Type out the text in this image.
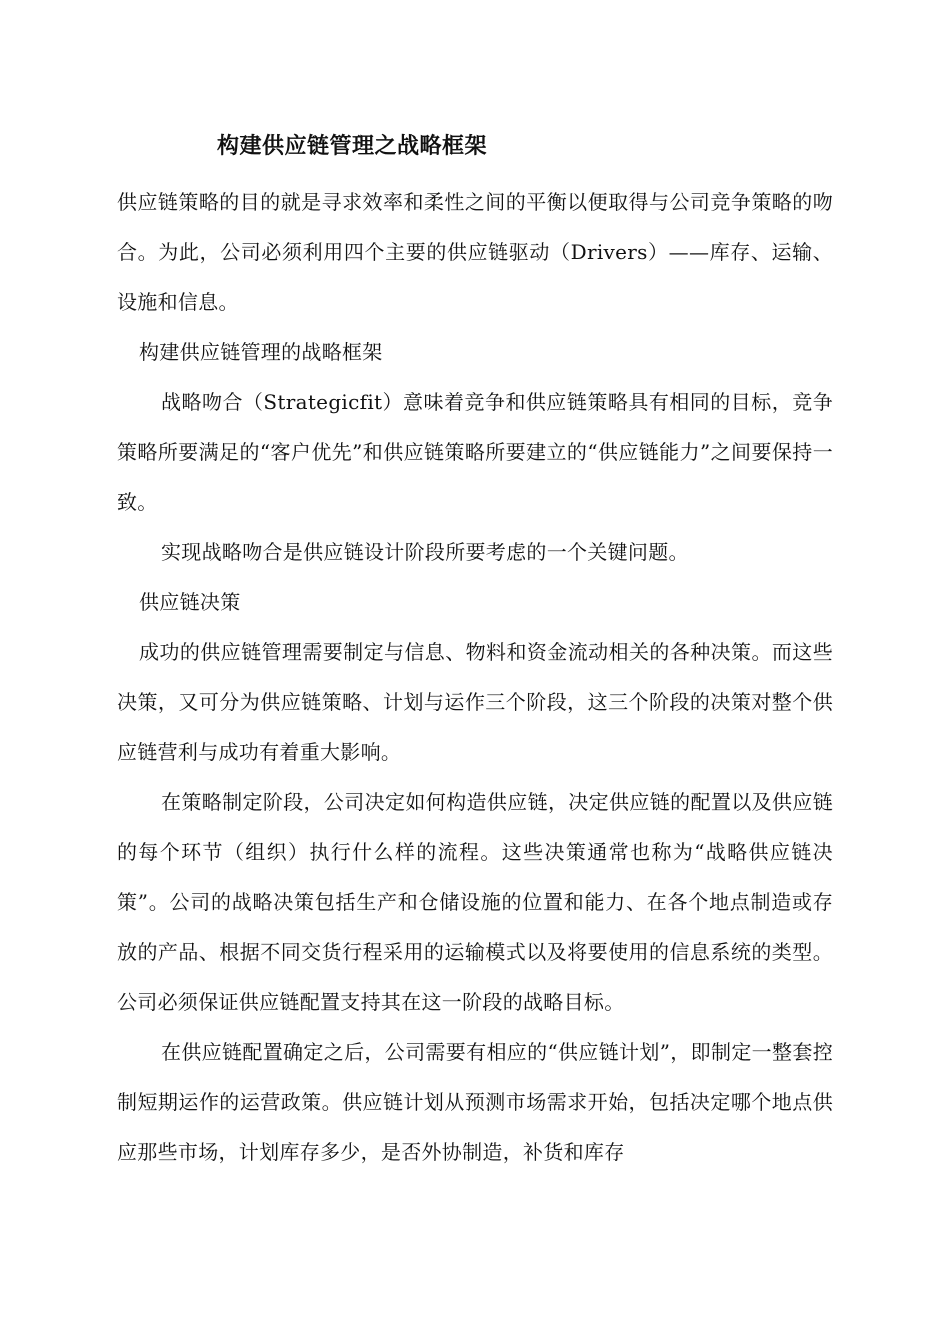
构建供应链管理之战略框架

供应链策略的目的就是寻求效率和柔性之间的平衡以便取得与公司竞争策略的吻合。为此，公司必须利用四个主要的供应链驱动（Drivers）——库存、运输、设施和信息。

构建供应链管理的战略框架

战略吻合（Strategicfit）意味着竞争和供应链策略具有相同的目标，竞争策略所要满足的“客户优先”和供应链策略所要建立的“供应链能力”之间要保持一致。

实现战略吻合是供应链设计阶段所要考虑的一个关键问题。

供应链决策

成功的供应链管理需要制定与信息、物料和资金流动相关的各种决策。而这些决策，又可分为供应链策略、计划与运作三个阶段，这三个阶段的决策对整个供应链营利与成功有着重大影响。

在策略制定阶段，公司决定如何构造供应链，决定供应链的配置以及供应链的每个环节（组织）执行什么样的流程。这些决策通常也称为“战略供应链决策”。公司的战略决策包括生产和仓储设施的位置和能力、在各个地点制造或存放的产品、根据不同交货行程采用的运输模式以及将要使用的信息系统的类型。公司必须保证供应链配置支持其在这一阶段的战略目标。

在供应链配置确定之后，公司需要有相应的“供应链计划”，即制定一整套控制短期运作的运营政策。供应链计划从预测市场需求开始，包括决定哪个地点供应那些市场，计划库存多少，是否外协制造，补货和库存
